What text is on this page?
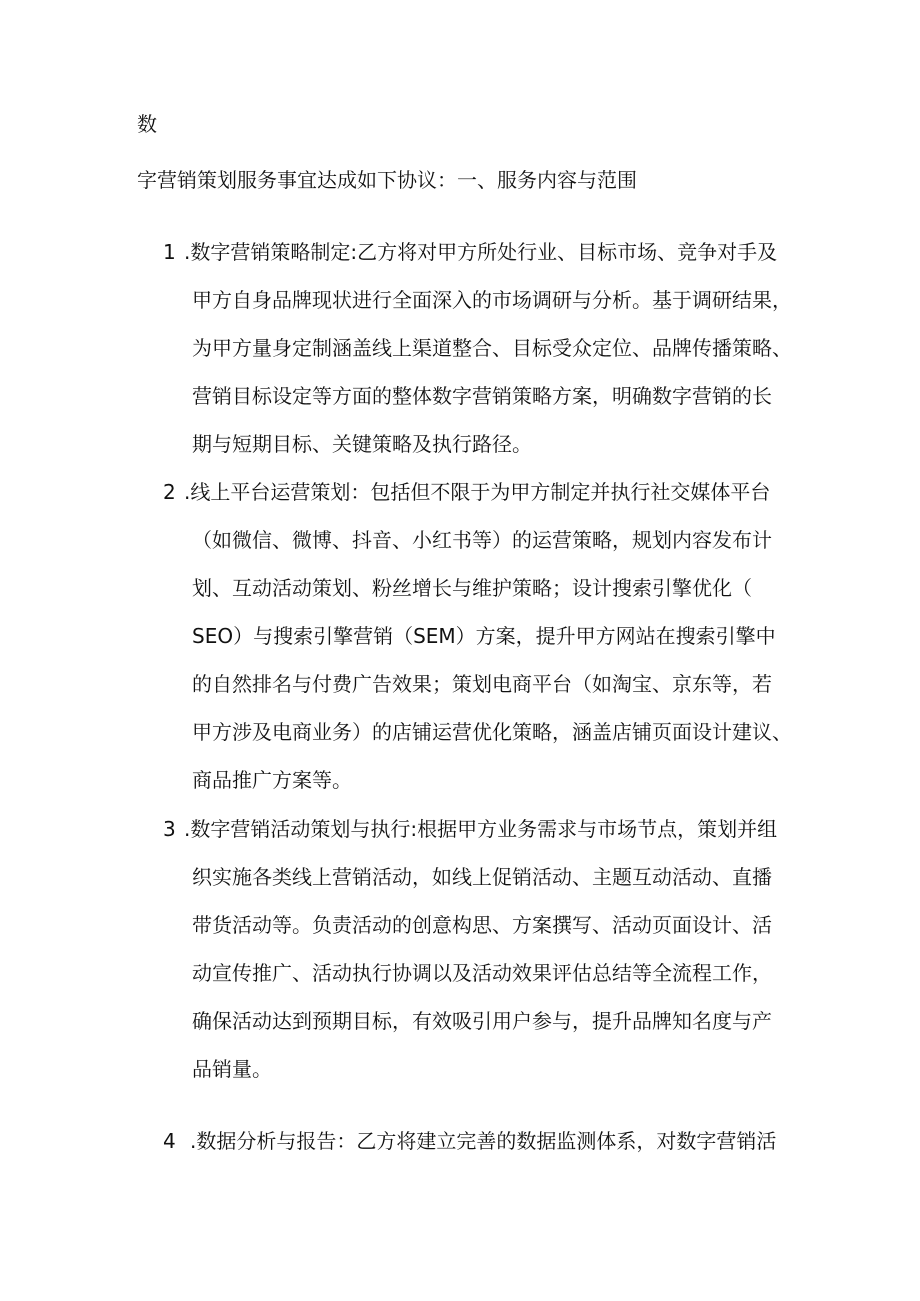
数
字营销策划服务事宜达成如下协议：一、服务内容与范围
1 .数字营销策略制定:乙方将对甲方所处行业、目标市场、竞争对手及
甲方自身品牌现状进行全面深入的市场调研与分析。基于调研结果，
为甲方量身定制涵盖线上渠道整合、目标受众定位、品牌传播策略、
营销目标设定等方面的整体数字营销策略方案，明确数字营销的长
期与短期目标、关键策略及执行路径。
2 .线上平台运营策划：包括但不限于为甲方制定并执行社交媒体平台
（如微信、微博、抖音、小红书等）的运营策略，规划内容发布计
划、互动活动策划、粉丝增长与维护策略；设计搜索引擎优化（
SEO）与搜索引擎营销（SEM）方案，提升甲方网站在搜索引擎中
的自然排名与付费广告效果；策划电商平台（如淘宝、京东等，若
甲方涉及电商业务）的店铺运营优化策略，涵盖店铺页面设计建议、
商品推广方案等。
3 .数字营销活动策划与执行:根据甲方业务需求与市场节点，策划并组
织实施各类线上营销活动，如线上促销活动、主题互动活动、直播
带货活动等。负责活动的创意构思、方案撰写、活动页面设计、活
动宣传推广、活动执行协调以及活动效果评估总结等全流程工作，
确保活动达到预期目标，有效吸引用户参与，提升品牌知名度与产
品销量。
4 .数据分析与报告：乙方将建立完善的数据监测体系，对数字营销活
